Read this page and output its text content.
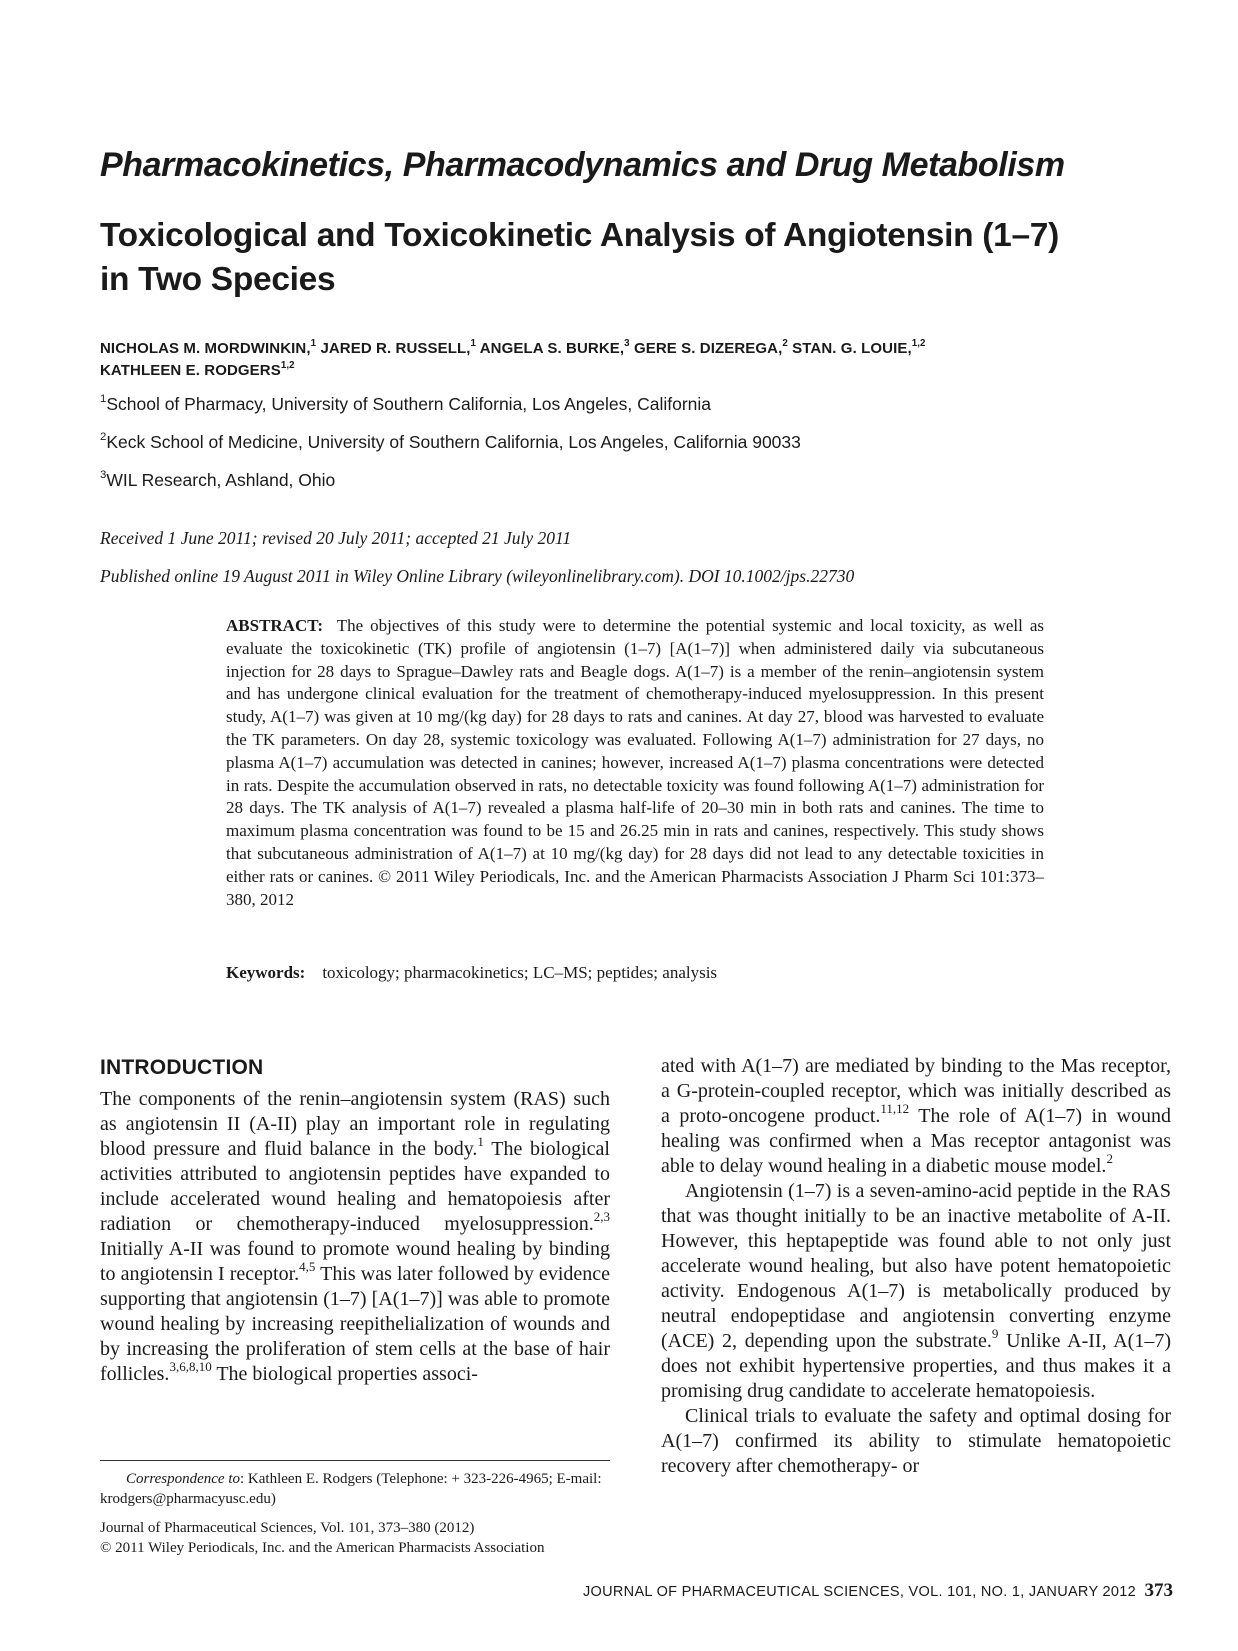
Pharmacokinetics, Pharmacodynamics and Drug Metabolism
Toxicological and Toxicokinetic Analysis of Angiotensin (1–7) in Two Species
NICHOLAS M. MORDWINKIN,$^1$ JARED R. RUSSELL,$^1$ ANGELA S. BURKE,$^3$ GERE S. DIZEREGA,$^2$ STAN. G. LOUIE,$^{1,2}$
KATHLEEN E. RODGERS$^{1,2}$
$^1$School of Pharmacy, University of Southern California, Los Angeles, California
$^2$Keck School of Medicine, University of Southern California, Los Angeles, California 90033
$^3$WIL Research, Ashland, Ohio
Received 1 June 2011; revised 20 July 2011; accepted 21 July 2011
Published online 19 August 2011 in Wiley Online Library (wileyonlinelibrary.com). DOI 10.1002/jps.22730
ABSTRACT: The objectives of this study were to determine the potential systemic and local toxicity, as well as evaluate the toxicokinetic (TK) profile of angiotensin (1–7) [A(1–7)] when administered daily via subcutaneous injection for 28 days to Sprague–Dawley rats and Beagle dogs. A(1–7) is a member of the renin–angiotensin system and has undergone clinical evaluation for the treatment of chemotherapy-induced myelosuppression. In this present study, A(1–7) was given at 10 mg/(kg day) for 28 days to rats and canines. At day 27, blood was harvested to evaluate the TK parameters. On day 28, systemic toxicology was evaluated. Following A(1–7) administration for 27 days, no plasma A(1–7) accumulation was detected in canines; however, increased A(1–7) plasma concentrations were detected in rats. Despite the accumulation observed in rats, no detectable toxicity was found following A(1–7) administration for 28 days. The TK analysis of A(1–7) revealed a plasma half-life of 20–30 min in both rats and canines. The time to maximum plasma concentration was found to be 15 and 26.25 min in rats and canines, respectively. This study shows that subcutaneous administration of A(1–7) at 10 mg/(kg day) for 28 days did not lead to any detectable toxicities in either rats or canines. © 2011 Wiley Periodicals, Inc. and the American Pharmacists Association J Pharm Sci 101:373–380, 2012
Keywords: toxicology; pharmacokinetics; LC–MS; peptides; analysis
INTRODUCTION

The components of the renin–angiotensin system (RAS) such as angiotensin II (A-II) play an important role in regulating blood pressure and fluid balance in the body.$^1$ The biological activities attributed to angiotensin peptides have expanded to include accelerated wound healing and hematopoiesis after radiation or chemotherapy-induced myelosuppression.$^{2,3}$ Initially A-II was found to promote wound healing by binding to angiotensin I receptor.$^{4,5}$ This was later followed by evidence supporting that angiotensin (1–7) [A(1–7)] was able to promote wound healing by increasing reepithelialization of wounds and by increasing the proliferation of stem cells at the base of hair follicles.$^{3,6,8,10}$ The biological properties associ-

ated with A(1–7) are mediated by binding to the Mas receptor, a G-protein-coupled receptor, which was initially described as a proto-oncogene product.$^{11,12}$ The role of A(1–7) in wound healing was confirmed when a Mas receptor antagonist was able to delay wound healing in a diabetic mouse model.$^2$

Angiotensin (1–7) is a seven-amino-acid peptide in the RAS that was thought initially to be an inactive metabolite of A-II. However, this heptapeptide was found able to not only just accelerate wound healing, but also have potent hematopoietic activity. Endogenous A(1–7) is metabolically produced by neutral endopeptidase and angiotensin converting enzyme (ACE) 2, depending upon the substrate.$^9$ Unlike A-II, A(1–7) does not exhibit hypertensive properties, and thus makes it a promising drug candidate to accelerate hematopoiesis.

Clinical trials to evaluate the safety and optimal dosing for A(1–7) confirmed its ability to stimulate hematopoietic recovery after chemotherapy- or

Correspondence to: Kathleen E. Rodgers (Telephone: + 323-226-4965; E-mail: krodgers@pharmacyusc.edu)

Journal of Pharmaceutical Sciences, Vol. 101, 373–380 (2012)

© 2011 Wiley Periodicals, Inc. and the American Pharmacists Association

JOURNAL OF PHARMACEUTICAL SCIENCES, VOL. 101, NO. 1, JANUARY 2012 373
